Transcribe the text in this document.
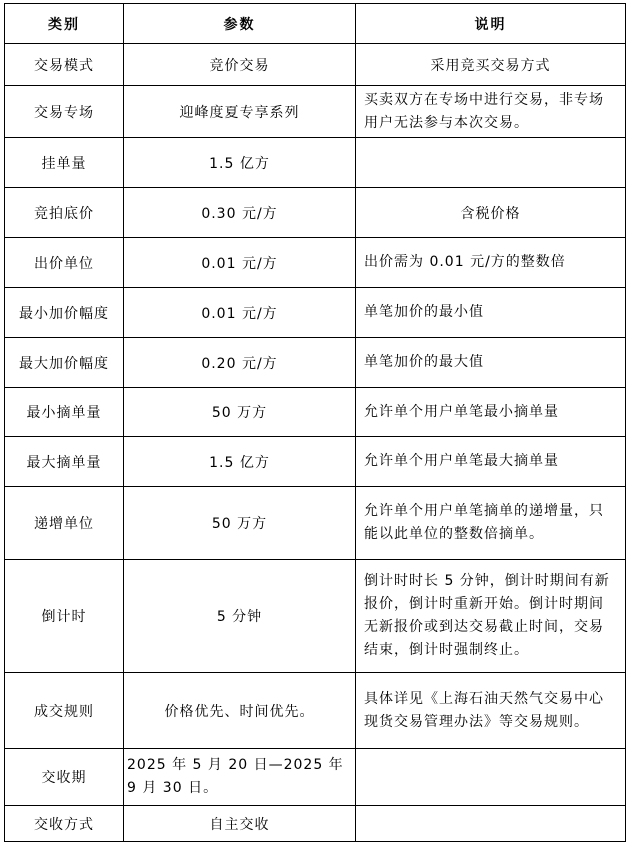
类别	参数	说明
交易模式	竞价交易	采用竞买交易方式
交易专场	迎峰度夏专享系列	买卖双方在专场中进行交易，非专场用户无法参与本次交易。
挂单量	1.5 亿方	
竞拍底价	0.30 元/方	含税价格
出价单位	0.01 元/方	出价需为 0.01 元/方的整数倍
最小加价幅度	0.01 元/方	单笔加价的最小值
最大加价幅度	0.20 元/方	单笔加价的最大值
最小摘单量	50 万方	允许单个用户单笔最小摘单量
最大摘单量	1.5 亿方	允许单个用户单笔最大摘单量
递增单位	50 万方	允许单个用户单笔摘单的递增量，只能以此单位的整数倍摘单。
倒计时	5 分钟	倒计时时长 5 分钟，倒计时期间有新报价，倒计时重新开始。倒计时期间无新报价或到达交易截止时间，交易结束，倒计时强制终止。
成交规则	价格优先、时间优先。	具体详见《上海石油天然气交易中心现货交易管理办法》等交易规则。
交收期	2025 年 5 月 20 日—2025 年 9 月 30 日。	
交收方式	自主交收	
